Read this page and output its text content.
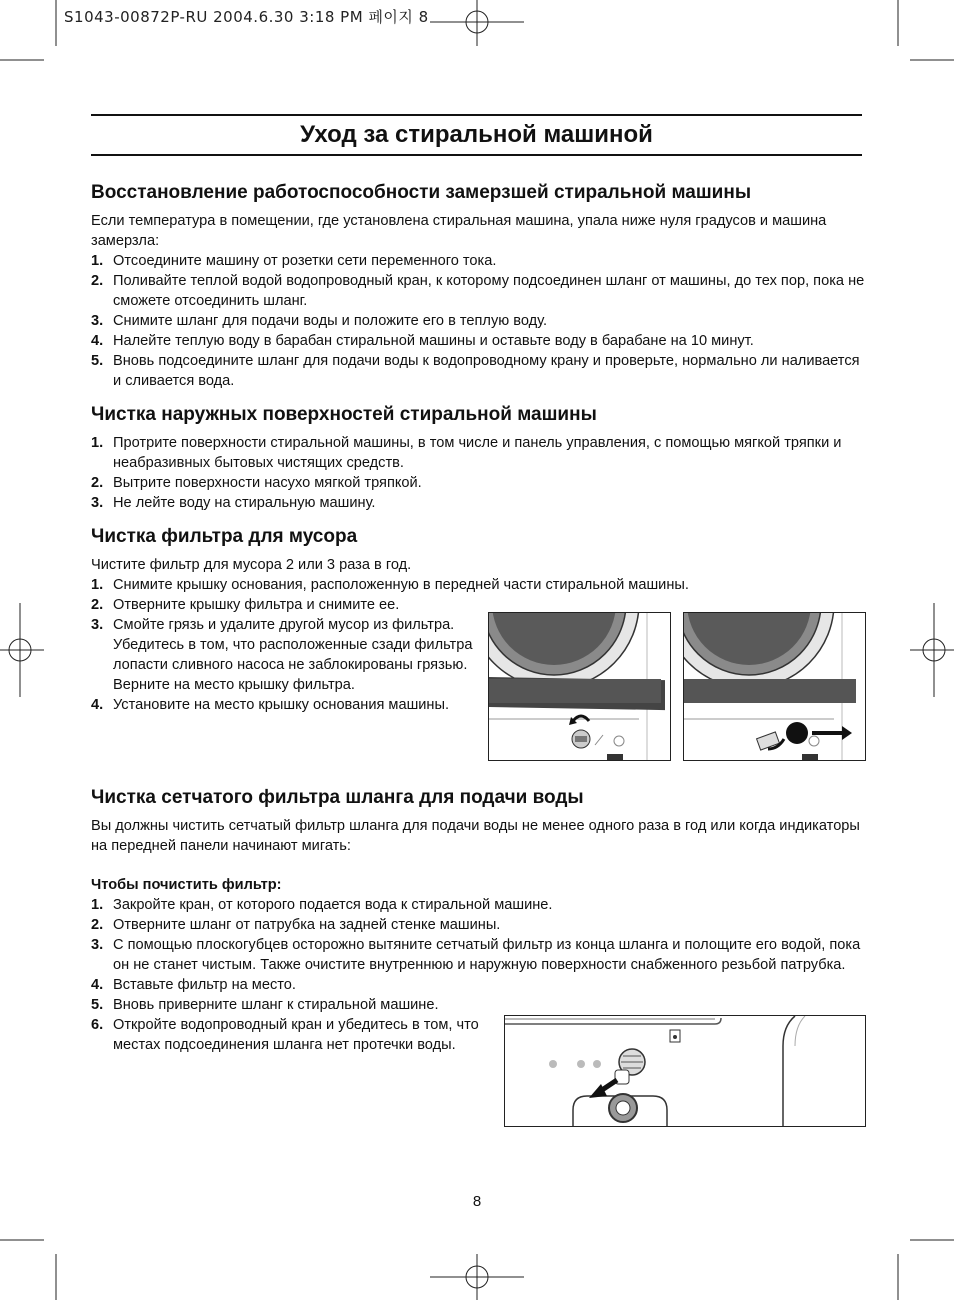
S1043-00872P-RU 2004.6.30 3:18 PM 페이지 8
Уход за стиральной машиной
Восстановление работоспособности замерзшей стиральной машины

Если температура в помещении, где установлена стиральная машина, упала ниже нуля градусов и машина замерзла:

1. Отсоедините машину от розетки сети переменного тока.
2. Поливайте теплой водой водопроводный кран, к которому подсоединен шланг от машины, до тех пор, пока не сможете отсоединить шланг.
3. Снимите шланг для подачи воды и положите его в теплую воду.
4. Налейте теплую воду в барабан стиральной машины и оставьте воду в барабане на 10 минут.
5. Вновь подсоедините шланг для подачи воды к водопроводному крану и проверьте, нормально ли наливается и сливается вода.
Чистка наружных поверхностей стиральной машины
1. Протрите поверхности стиральной машины, в том числе и панель управления, с помощью мягкой тряпки и неабразивных бытовых чистящих средств.
2. Вытрите поверхности насухо мягкой тряпкой.
3. Не лейте воду на стиральную машину.
Чистка фильтра для мусора

Чистите фильтр для мусора 2 или 3 раза в год.

1. Снимите крышку основания, расположенную в передней части стиральной машины.
2. Отверните крышку фильтра и снимите ее.
3. Смойте грязь и удалите другой мусор из фильтра. Убедитесь в том, что расположенные сзади фильтра лопасти сливного насоса не заблокированы грязью. Верните на место крышку фильтра.
4. Установите на место крышку основания машины.
Чистка сетчатого фильтра шланга для подачи воды

Вы должны чистить сетчатый фильтр шланга для подачи воды не менее одного раза в год или когда индикаторы на передней панели начинают мигать:

Чтобы почистить фильтр:

1. Закройте кран, от которого подается вода к стиральной машине.
2. Отверните шланг от патрубка на задней стенке машины.
3. С помощью плоскогубцев осторожно вытяните сетчатый фильтр из конца шланга и полощите его водой, пока он не станет чистым. Также очистите внутреннюю и наружную поверхности снабженного резьбой патрубка.
4. Вставьте фильтр на место.
5. Вновь приверните шланг к стиральной машине.
6. Откройте водопроводный кран и убедитесь в том, что местах подсоединения шланга нет протечки воды.
8
